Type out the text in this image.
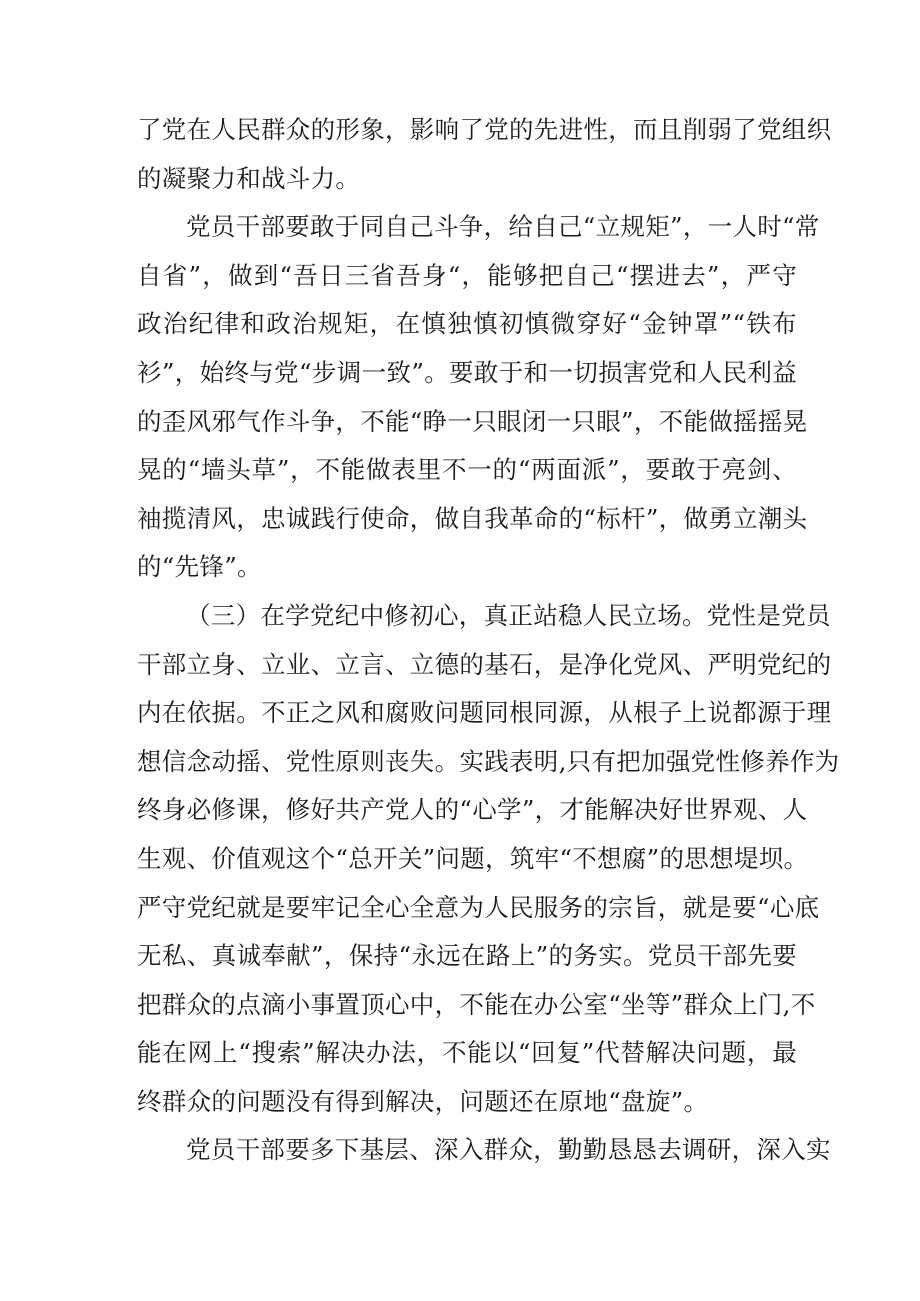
了党在人民群众的形象，影响了党的先进性，而且削弱了党组织
的凝聚力和战斗力。
党员干部要敢于同自己斗争，给自己“立规矩”，一人时“常
自省”，做到“吾日三省吾身“，能够把自己“摆进去”，严守
政治纪律和政治规矩，在慎独慎初慎微穿好“金钟罩”“铁布
衫”，始终与党“步调一致”。要敢于和一切损害党和人民利益
的歪风邪气作斗争，不能“睁一只眼闭一只眼”，不能做摇摇晃
晃的“墙头草”，不能做表里不一的“两面派”，要敢于亮剑、
袖揽清风，忠诚践行使命，做自我革命的“标杆”，做勇立潮头
的“先锋”。
（三）在学党纪中修初心，真正站稳人民立场。党性是党员
干部立身、立业、立言、立德的基石，是净化党风、严明党纪的
内在依据。不正之风和腐败问题同根同源，从根子上说都源于理
想信念动摇、党性原则丧失。实践表明,只有把加强党性修养作为
终身必修课，修好共产党人的“心学”，才能解决好世界观、人
生观、价值观这个“总开关”问题，筑牢“不想腐”的思想堤坝。
严守党纪就是要牢记全心全意为人民服务的宗旨，就是要“心底
无私、真诚奉献”，保持“永远在路上”的务实。党员干部先要
把群众的点滴小事置顶心中，不能在办公室“坐等”群众上门,不
能在网上“搜索”解决办法，不能以“回复”代替解决问题，最
终群众的问题没有得到解决，问题还在原地“盘旋”。
党员干部要多下基层、深入群众，勤勤恳恳去调研，深入实
